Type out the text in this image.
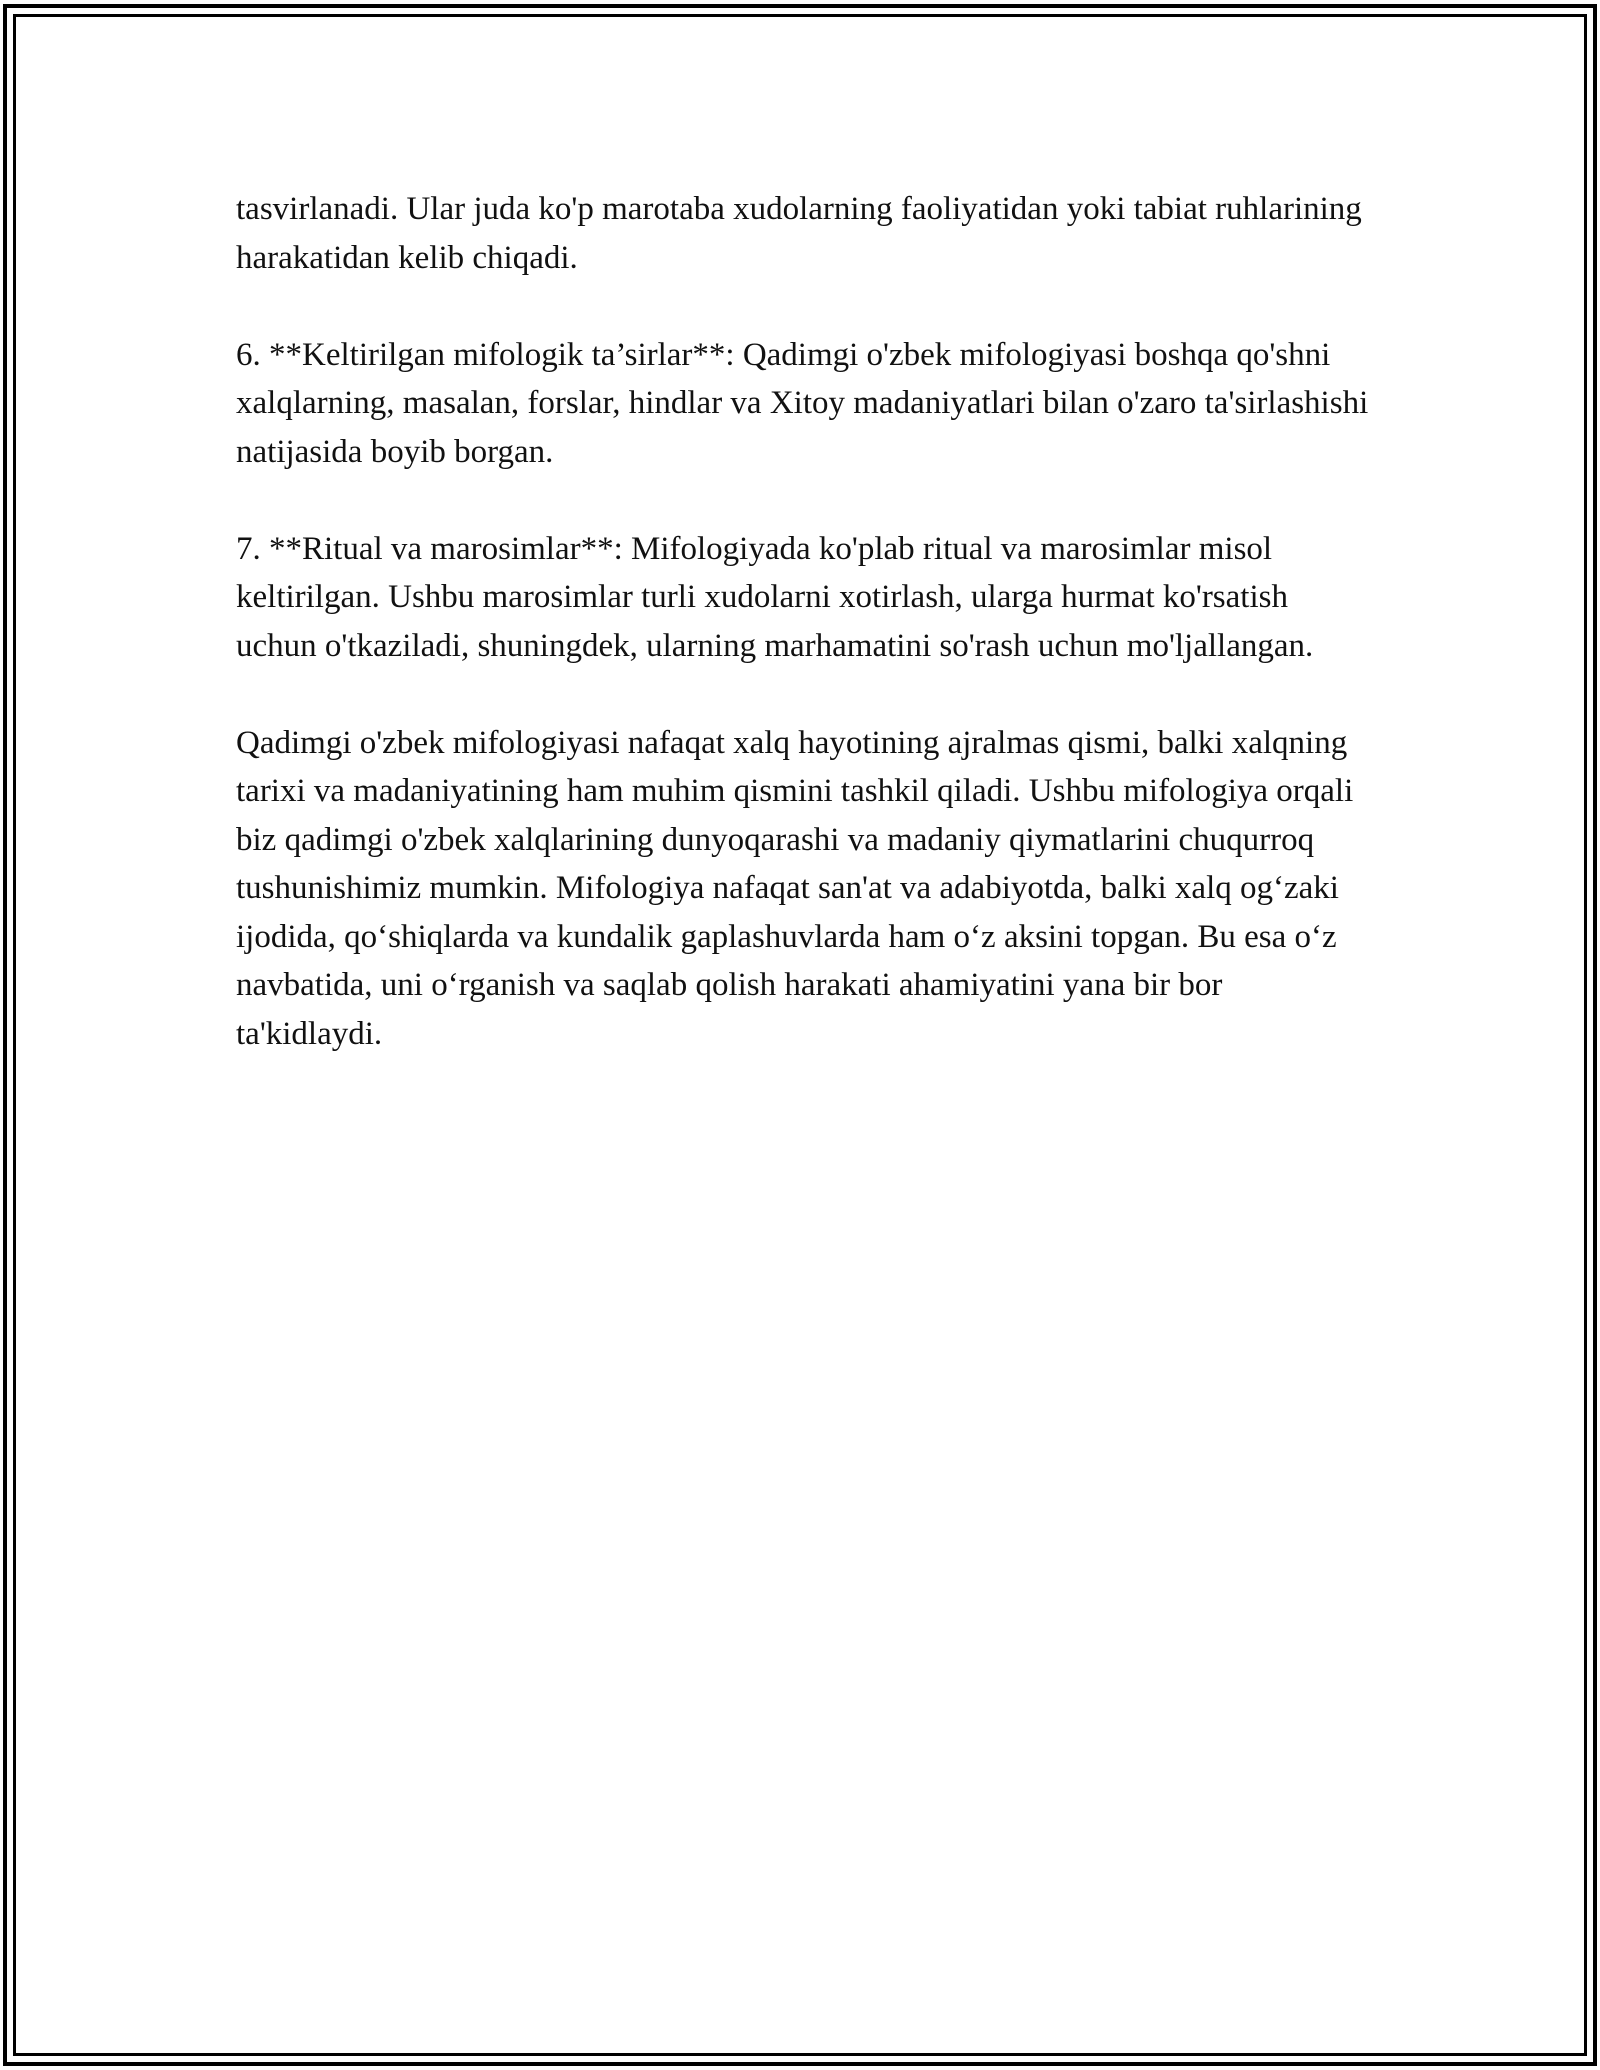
tasvirlanadi. Ular juda ko'p marotaba xudolarning faoliyatidan yoki tabiat ruhlarining harakatidan kelib chiqadi.

6. **Keltirilgan mifologik ta’sirlar**: Qadimgi o'zbek mifologiyasi boshqa qo'shni xalqlarning, masalan, forslar, hindlar va Xitoy madaniyatlari bilan o'zaro ta'sirlashishi natijasida boyib borgan.

7. **Ritual va marosimlar**: Mifologiyada ko'plab ritual va marosimlar misol keltirilgan. Ushbu marosimlar turli xudolarni xotirlash, ularga hurmat ko'rsatish uchun o'tkaziladi, shuningdek, ularning marhamatini so'rash uchun mo'ljallangan.

Qadimgi o'zbek mifologiyasi nafaqat xalq hayotining ajralmas qismi, balki xalqning tarixi va madaniyatining ham muhim qismini tashkil qiladi. Ushbu mifologiya orqali biz qadimgi o'zbek xalqlarining dunyoqarashi va madaniy qiymatlarini chuqurroq tushunishimiz mumkin. Mifologiya nafaqat san'at va adabiyotda, balki xalq og‘zaki ijodida, qo‘shiqlarda va kundalik gaplashuvlarda ham o‘z aksini topgan. Bu esa o‘z navbatida, uni o‘rganish va saqlab qolish harakati ahamiyatini yana bir bor ta'kidlaydi.
